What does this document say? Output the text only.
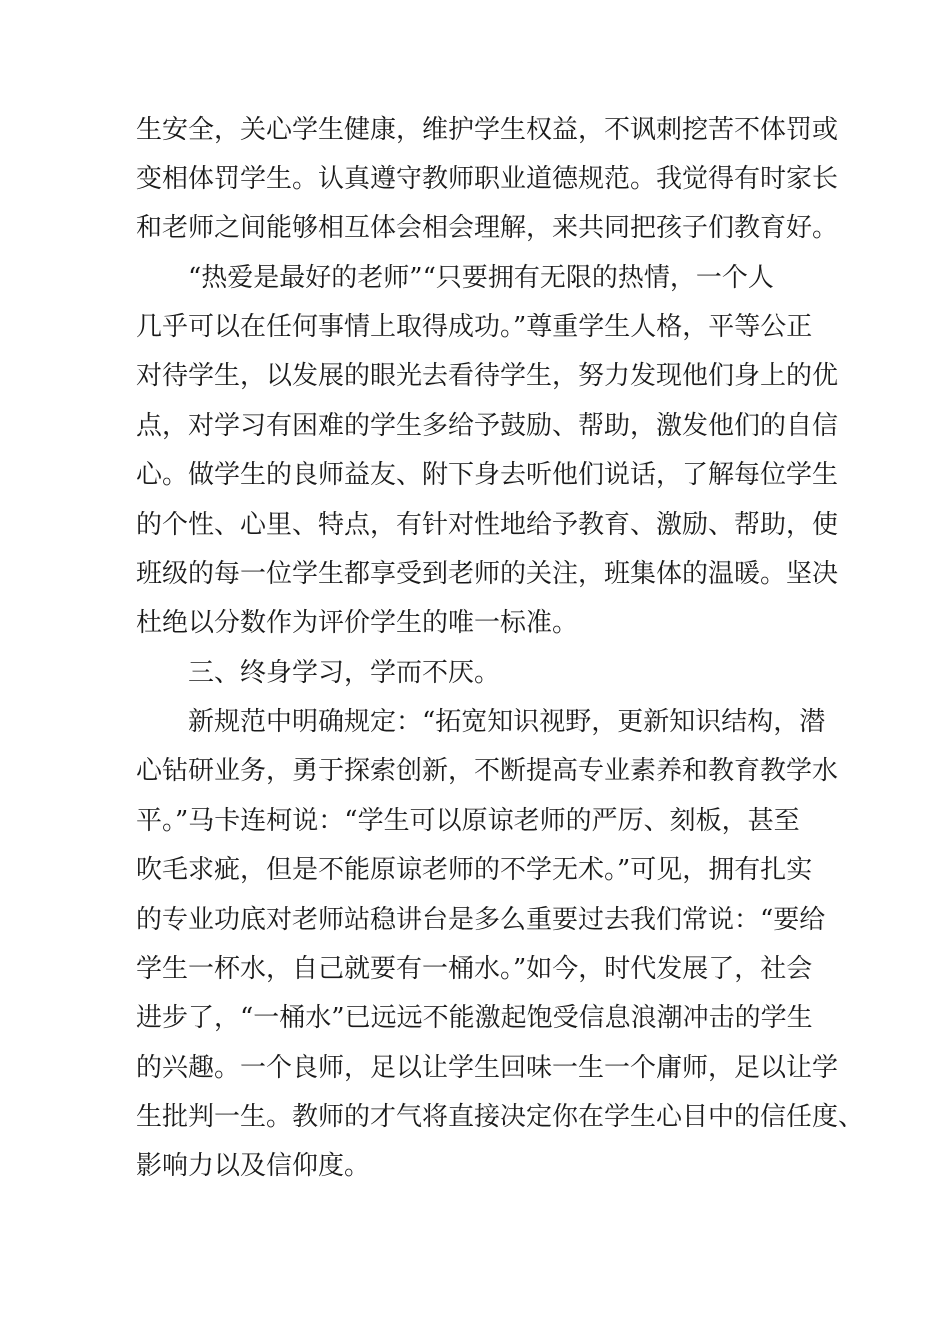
生安全，关心学生健康，维护学生权益，不讽刺挖苦不体罚或
变相体罚学生。认真遵守教师职业道德规范。我觉得有时家长
和老师之间能够相互体会相会理解，来共同把孩子们教育好。
“热爱是最好的老师”“只要拥有无限的热情，一个人
几乎可以在任何事情上取得成功。”尊重学生人格，平等公正
对待学生，以发展的眼光去看待学生，努力发现他们身上的优
点，对学习有困难的学生多给予鼓励、帮助，激发他们的自信
心。做学生的良师益友、附下身去听他们说话，了解每位学生
的个性、心里、特点，有针对性地给予教育、激励、帮助，使
班级的每一位学生都享受到老师的关注，班集体的温暖。坚决
杜绝以分数作为评价学生的唯一标准。
三、终身学习，学而不厌。
新规范中明确规定：“拓宽知识视野，更新知识结构，潜
心钻研业务，勇于探索创新，不断提高专业素养和教育教学水
平。”马卡连柯说：“学生可以原谅老师的严厉、刻板，甚至
吹毛求疵，但是不能原谅老师的不学无术。”可见，拥有扎实
的专业功底对老师站稳讲台是多么重要过去我们常说：“要给
学生一杯水，自己就要有一桶水。”如今，时代发展了，社会
进步了，“一桶水”已远远不能激起饱受信息浪潮冲击的学生
的兴趣。一个良师，足以让学生回味一生一个庸师，足以让学
生批判一生。教师的才气将直接决定你在学生心目中的信任度、
影响力以及信仰度。
